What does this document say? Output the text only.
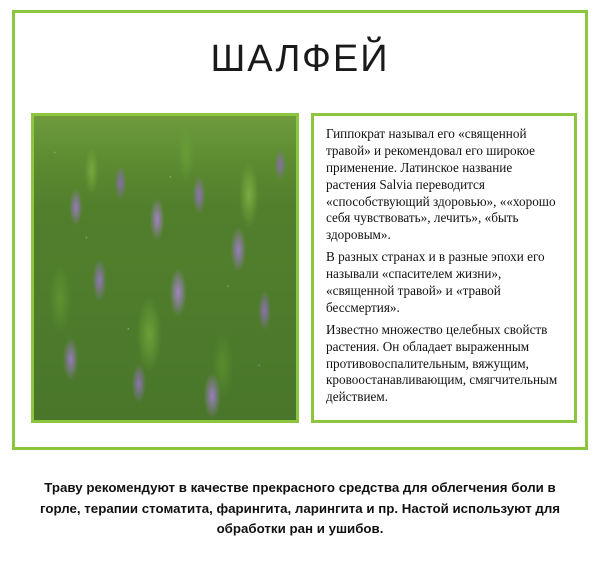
ШАЛФЕЙ

Гиппократ называл его «священной травой» и рекомендовал его широкое применение. Латинское название растения Salvia переводится «способствующий здоровью», ««хорошо себя чувствовать», лечить», «быть здоровым».

В разных странах и в разные эпохи его называли «спасителем жизни», «священной травой» и «травой бессмертия».

Известно множество целебных свойств растения. Он обладает выраженным противовоспалительным, вяжущим, кровоостанавливающим, смягчительным действием.

Траву рекомендуют в качестве прекрасного средства для облегчения боли в горле, терапии стоматита, фарингита, ларингита и пр. Настой используют для обработки ран и ушибов.
